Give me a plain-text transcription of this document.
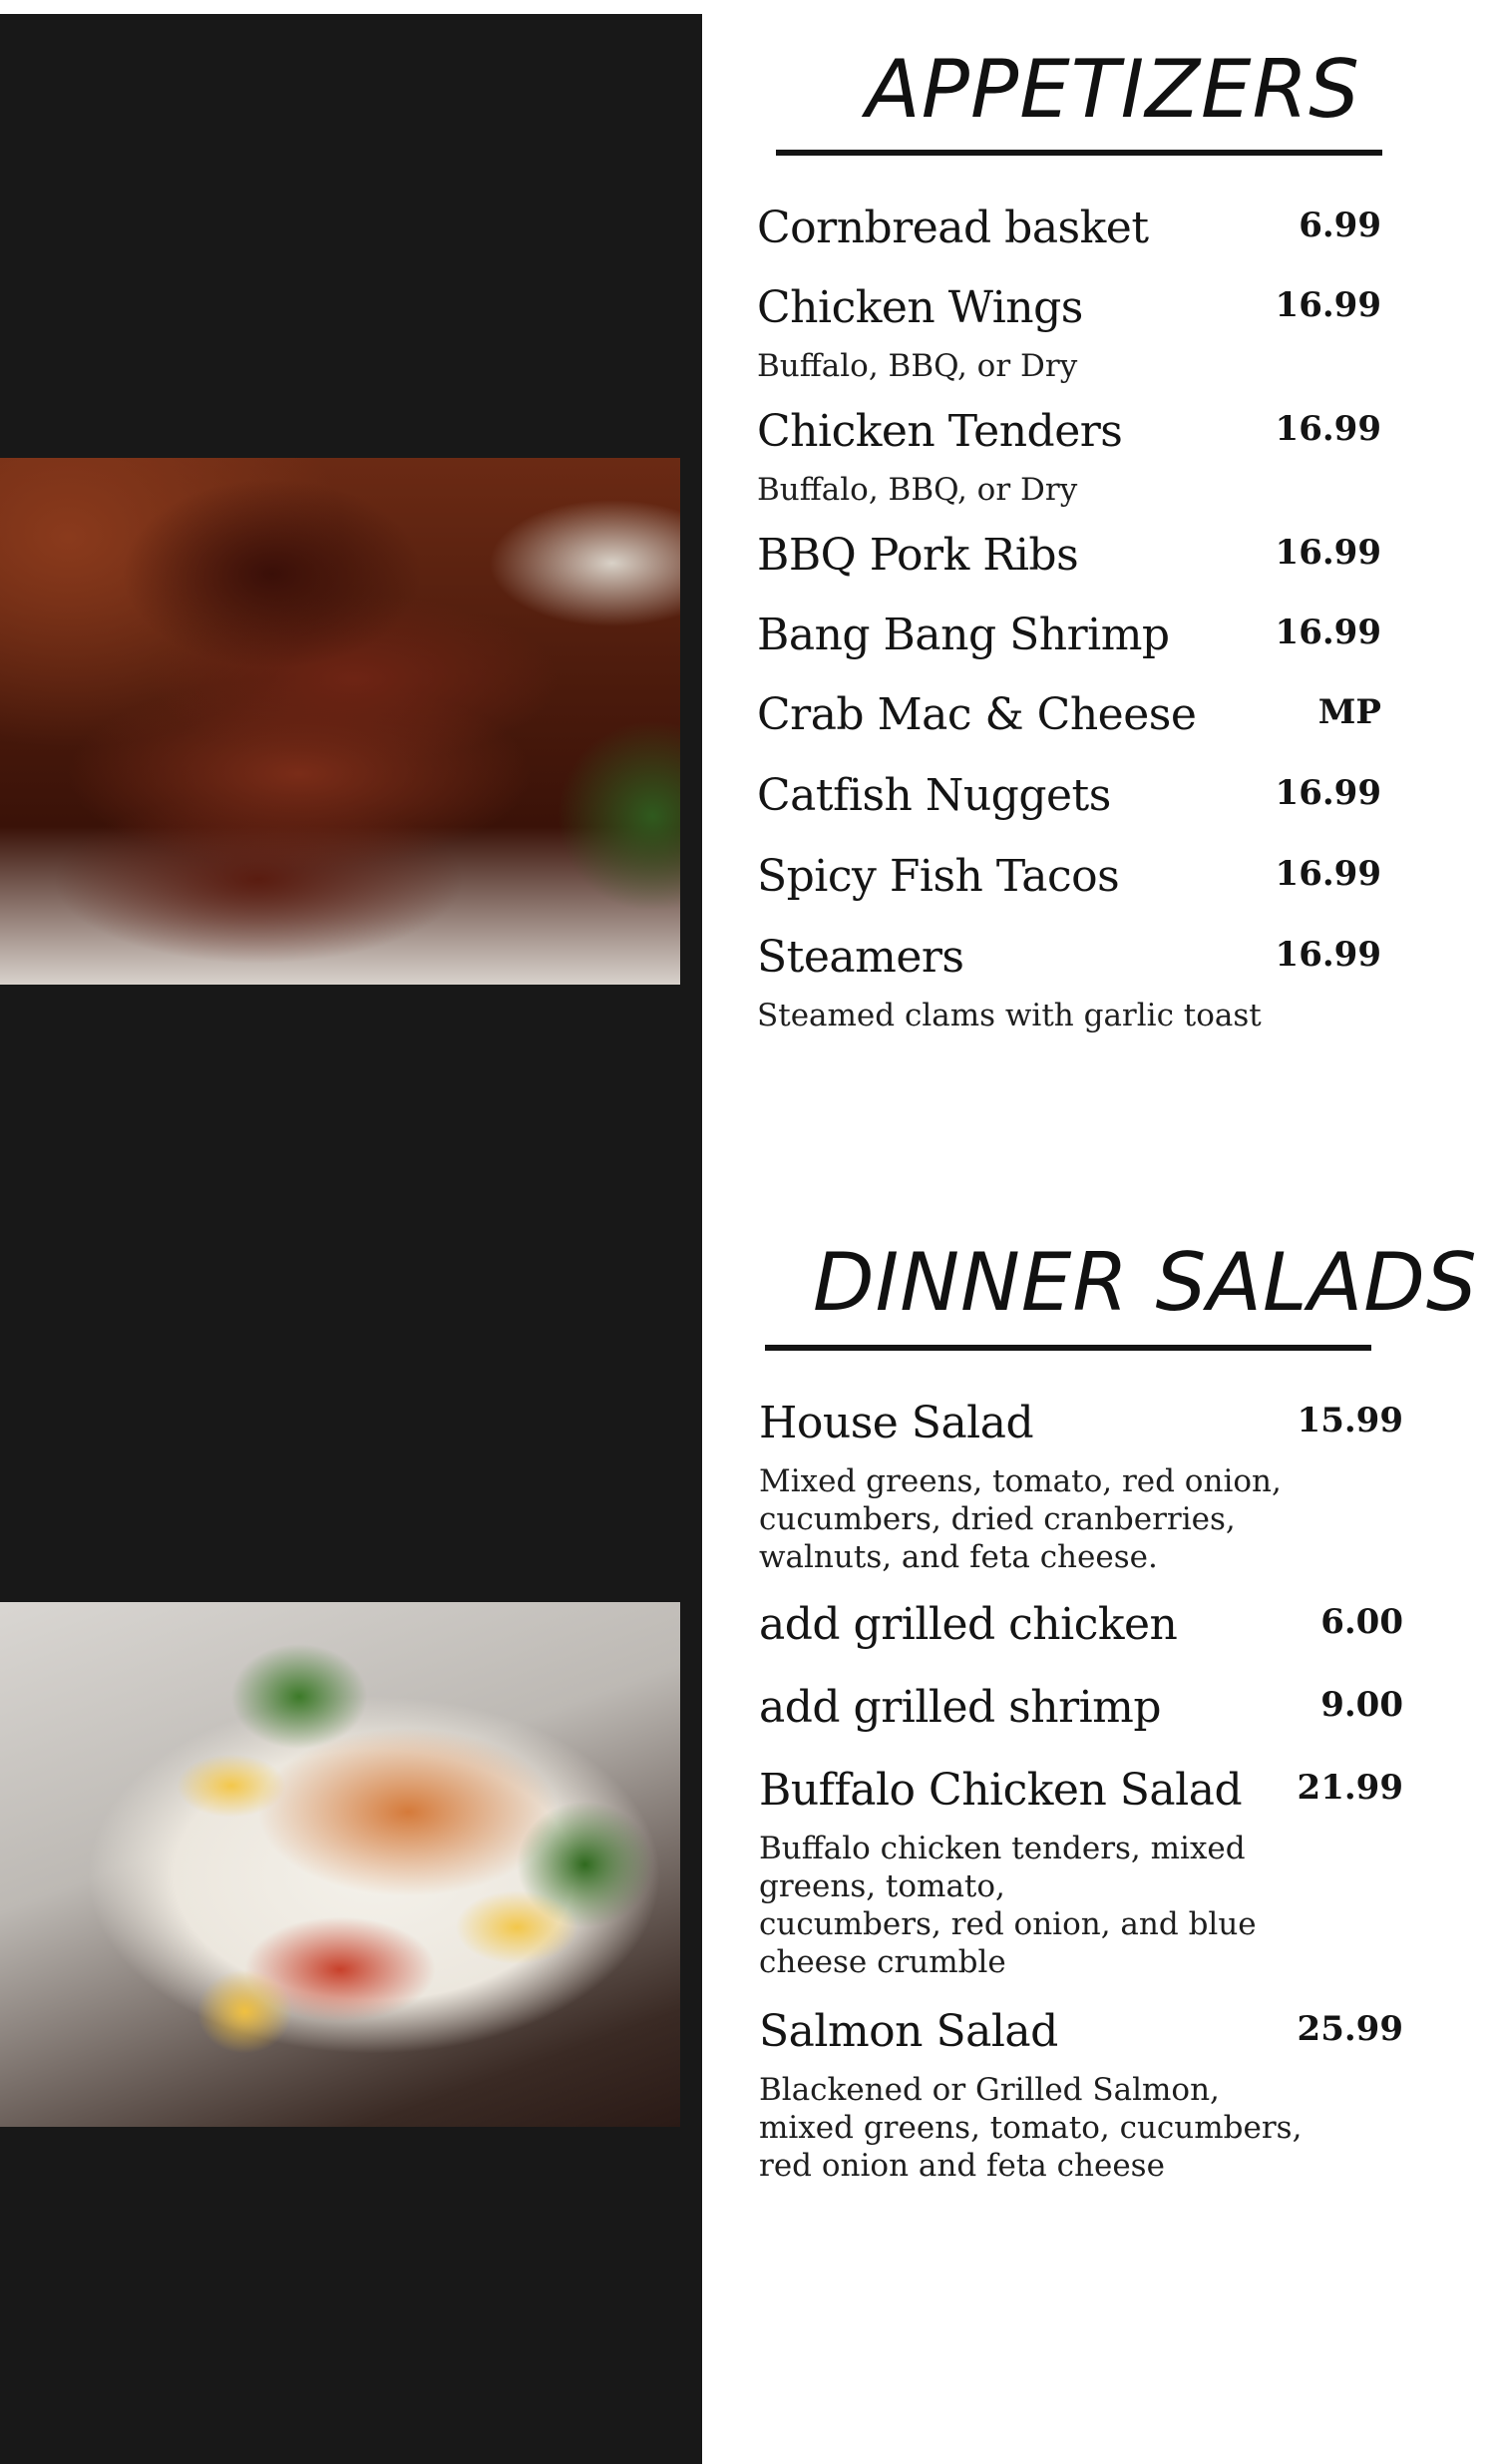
APPETIZERS
Cornbread basket	6.99
Chicken Wings	16.99
Buffalo, BBQ, or Dry
Chicken Tenders	16.99
Buffalo, BBQ, or Dry
BBQ Pork Ribs	16.99
Bang Bang Shrimp	16.99
Crab Mac & Cheese	MP
Catfish Nuggets	16.99
Spicy Fish Tacos	16.99
Steamers	16.99
Steamed clams with garlic toast
DINNER SALADS
House Salad	15.99
Mixed greens, tomato, red onion,
cucumbers, dried cranberries,
walnuts, and feta cheese.
add grilled chicken	6.00
add grilled shrimp	9.00
Buffalo Chicken Salad 21.99
Buffalo chicken tenders, mixed
greens, tomato,
cucumbers, red onion, and blue
cheese crumble
Salmon Salad	25.99
Blackened or Grilled Salmon,
mixed greens, tomato, cucumbers,
red onion and feta cheese
